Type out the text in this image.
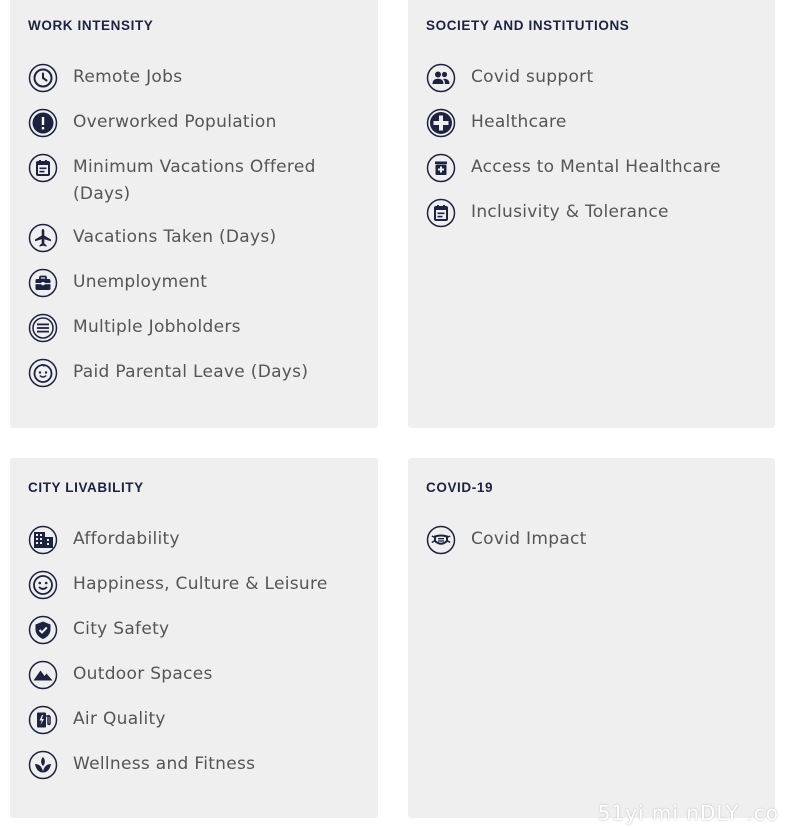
WORK INTENSITY
Remote Jobs
Overworked Population
Minimum Vacations Offered (Days)
Vacations Taken (Days)
Unemployment
Multiple Jobholders
Paid Parental Leave (Days)
SOCIETY AND INSTITUTIONS
Covid support
Healthcare
Access to Mental Healthcare
Inclusivity & Tolerance
CITY LIVABILITY
Affordability
Happiness, Culture & Leisure
City Safety
Outdoor Spaces
Air Quality
Wellness and Fitness
COVID-19
Covid Impact
51yi mi nDLY .co
